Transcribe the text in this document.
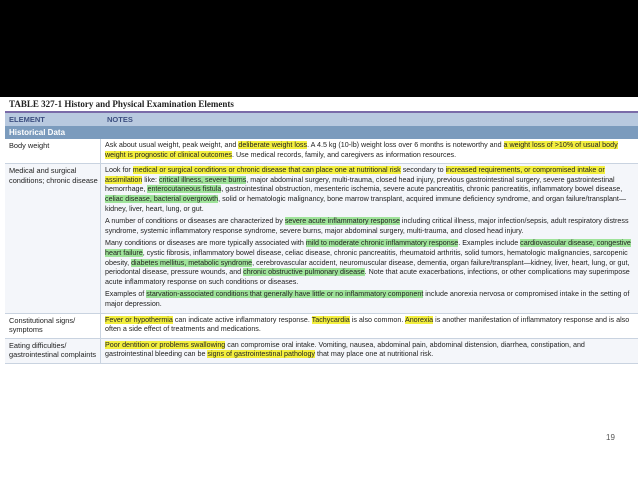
TABLE 327-1 History and Physical Examination Elements
ELEMENT	NOTES
Historical Data
Body weight	Ask about usual weight, peak weight, and deliberate weight loss. A 4.5 kg (10-lb) weight loss over 6 months is noteworthy and a weight loss of >10% of usual body weight is prognostic of clinical outcomes. Use medical records, family, and caregivers as information resources.
Medical and surgical conditions; chronic disease
Look for medical or surgical conditions or chronic disease that can place one at nutritional risk secondary to increased requirements, or compromised intake or assimilation like: critical illness, severe burns, major abdominal surgery, multi-trauma, closed head injury, previous gastrointestinal surgery, severe gastrointestinal hemorrhage, enterocutaneous fistula, gastrointestinal obstruction, mesenteric ischemia, severe acute pancreatitis, chronic pancreatitis, inflammatory bowel disease, celiac disease, bacterial overgrowth, solid or hematologic malignancy, bone marrow transplant, acquired immune deficiency syndrome, and organ failure/transplant—kidney, liver, heart, lung, or gut.
A number of conditions or diseases are characterized by severe acute inflammatory response including critical illness, major infection/sepsis, adult respiratory distress syndrome, systemic inflammatory response syndrome, severe burns, major abdominal surgery, multi-trauma, and closed head injury.
Many conditions or diseases are more typically associated with mild to moderate chronic inflammatory response. Examples include cardiovascular disease, congestive heart failure, cystic fibrosis, inflammatory bowel disease, celiac disease, chronic pancreatitis, rheumatoid arthritis, solid tumors, hematologic malignancies, sarcopenic obesity, diabetes mellitus, metabolic syndrome, cerebrovascular accident, neuromuscular disease, dementia, organ failure/transplant—kidney, liver, heart, lung, or gut, periodontal disease, pressure wounds, and chronic obstructive pulmonary disease. Note that acute exacerbations, infections, or other complications may superimpose acute inflammatory response on such conditions or diseases.
Examples of starvation-associated conditions that generally have little or no inflammatory component include anorexia nervosa or compromised intake in the setting of major depression.
Constitutional signs/ symptoms
Fever or hypothermia can indicate active inflammatory response. Tachycardia is also common. Anorexia is another manifestation of inflammatory response and is also often a side effect of treatments and medications.
Eating difficulties/ gastrointestinal complaints
Poor dentition or problems swallowing can compromise oral intake. Vomiting, nausea, abdominal pain, abdominal distension, diarrhea, constipation, and gastrointestinal bleeding can be signs of gastrointestinal pathology that may place one at nutritional risk.
19
